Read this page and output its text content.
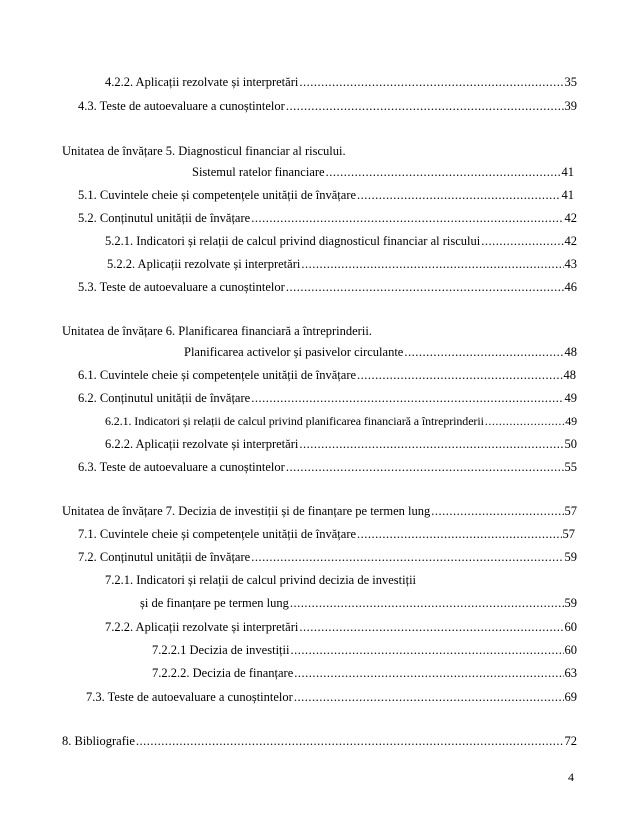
4.2.2. Aplicații rezolvate și interpretări .....	35
4.3. Teste de autoevaluare a cunoștintelor .....	39
Unitatea de învățare 5. Diagnosticul financiar al riscului.
Sistemul ratelor financiare .....	41
5.1. Cuvintele cheie și competențele unității de învățare .....	41
5.2. Conținutul unității de învățare .....	42
5.2.1. Indicatori și relații de calcul privind diagnosticul financiar al riscului .....	42
5.2.2. Aplicații rezolvate și interpretări .....	43
5.3. Teste de autoevaluare a cunoștintelor .....	46
Unitatea de învățare 6. Planificarea financiară a întreprinderii.
Planificarea activelor și pasivelor circulante .....	48
6.1. Cuvintele cheie și competențele unității de învățare .....	48
6.2. Conținutul unității de învățare .....	49
6.2.1. Indicatori și relații de calcul privind planificarea financiară a întreprinderii .....	49
6.2.2. Aplicații rezolvate și interpretări .....	50
6.3. Teste de autoevaluare a cunoștintelor .....	55
Unitatea de învățare 7. Decizia de investiții și de finanțare pe termen lung .....	57
7.1. Cuvintele cheie și competențele unității de învățare .....	57
7.2. Conținutul unității de învățare .....	59
7.2.1. Indicatori și relații de calcul privind decizia de investiții
și de finanțare pe termen lung .....	59
7.2.2. Aplicații rezolvate și interpretări .....	60
7.2.2.1 Decizia de investiții .....	60
7.2.2.2. Decizia de finanțare .....	63
7.3. Teste de autoevaluare a cunoștintelor .....	69
8. Bibliografie .....	72
4
